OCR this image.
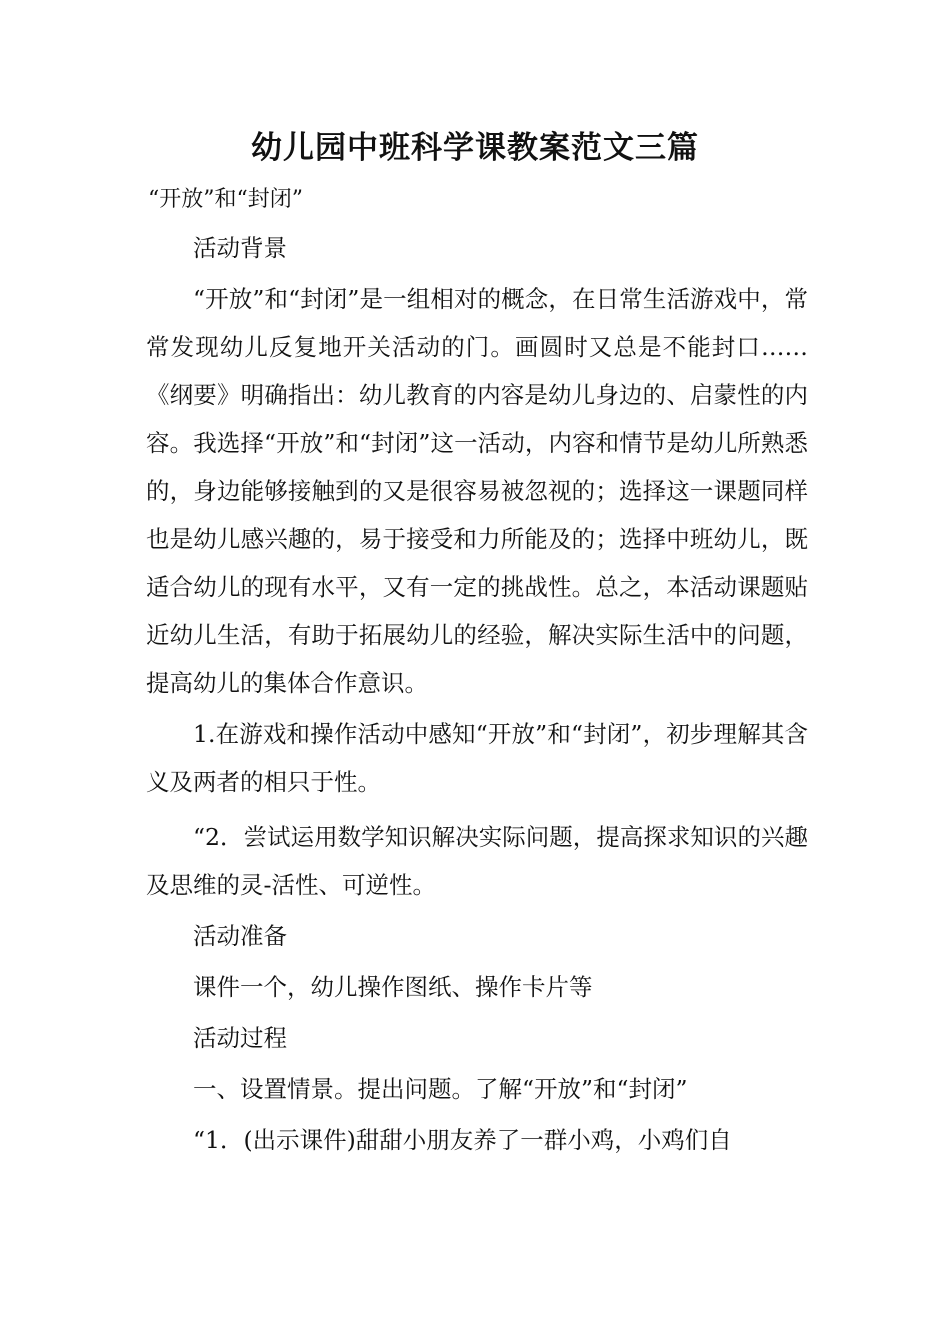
幼儿园中班科学课教案范文三篇
“开放”和“封闭”

活动背景

“开放”和“封闭”是一组相对的概念，在日常生活游戏中，常常发现幼儿反复地开关活动的门。画圆时又总是不能封口……《纲要》明确指出：幼儿教育的内容是幼儿身边的、启蒙性的内容。我选择“开放”和“封闭”这一活动，内容和情节是幼儿所熟悉的，身边能够接触到的又是很容易被忽视的；选择这一课题同样也是幼儿感兴趣的，易于接受和力所能及的；选择中班幼儿，既适合幼儿的现有水平，又有一定的挑战性。总之，本活动课题贴近幼儿生活，有助于拓展幼儿的经验，解决实际生活中的问题，提高幼儿的集体合作意识。

1.在游戏和操作活动中感知“开放”和“封闭”，初步理解其含义及两者的相只于性。

“2．尝试运用数学知识解决实际问题，提高探求知识的兴趣及思维的灵-活性、可逆性。

活动准备

课件一个，幼儿操作图纸、操作卡片等

活动过程

一、设置情景。提出问题。了解“开放”和“封闭”

“1．(出示课件)甜甜小朋友养了一群小鸡，小鸡们自
